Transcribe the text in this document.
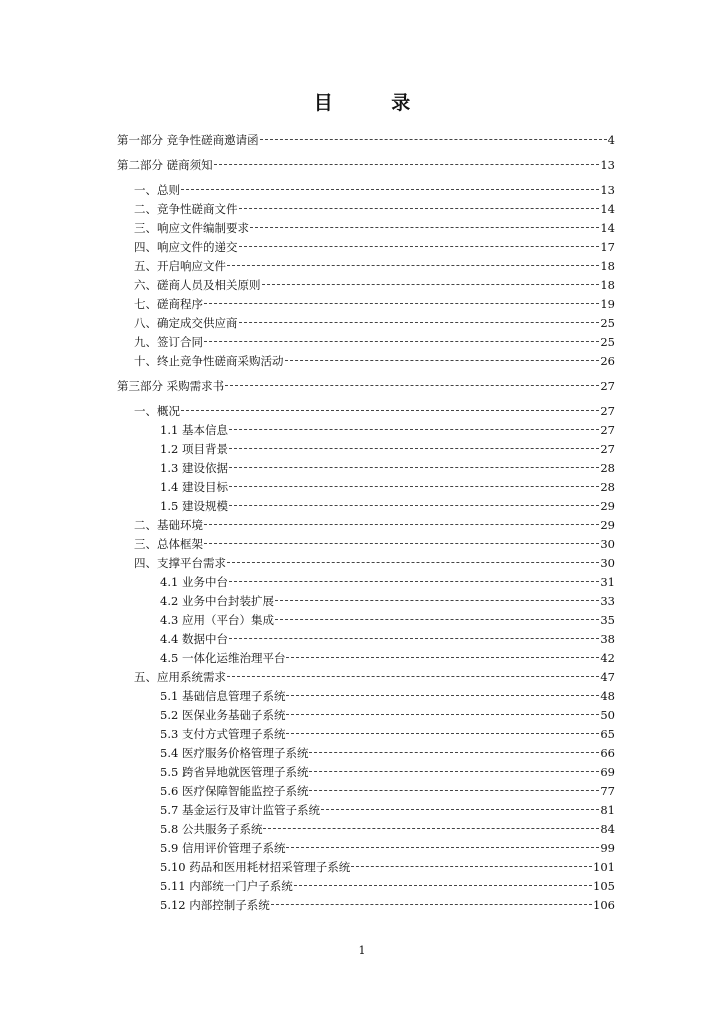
目 录
第一部分 竞争性磋商邀请函	4
第二部分 磋商须知	13
一、总则	13
二、竞争性磋商文件	14
三、响应文件编制要求	14
四、响应文件的递交	17
五、开启响应文件	18
六、磋商人员及相关原则	18
七、磋商程序	19
八、确定成交供应商	25
九、签订合同	25
十、终止竞争性磋商采购活动	26
第三部分 采购需求书	27
一、概况	27
1.1 基本信息	27
1.2 项目背景	27
1.3 建设依据	28
1.4 建设目标	28
1.5 建设规模	29
二、基础环境	29
三、总体框架	30
四、支撑平台需求	30
4.1 业务中台	31
4.2 业务中台封装扩展	33
4.3 应用（平台）集成	35
4.4 数据中台	38
4.5 一体化运维治理平台	42
五、应用系统需求	47
5.1 基础信息管理子系统	48
5.2 医保业务基础子系统	50
5.3 支付方式管理子系统	65
5.4 医疗服务价格管理子系统	66
5.5 跨省异地就医管理子系统	69
5.6 医疗保障智能监控子系统	77
5.7 基金运行及审计监管子系统	81
5.8 公共服务子系统	84
5.9 信用评价管理子系统	99
5.10 药品和医用耗材招采管理子系统	101
5.11 内部统一门户子系统	105
5.12 内部控制子系统	106
1
